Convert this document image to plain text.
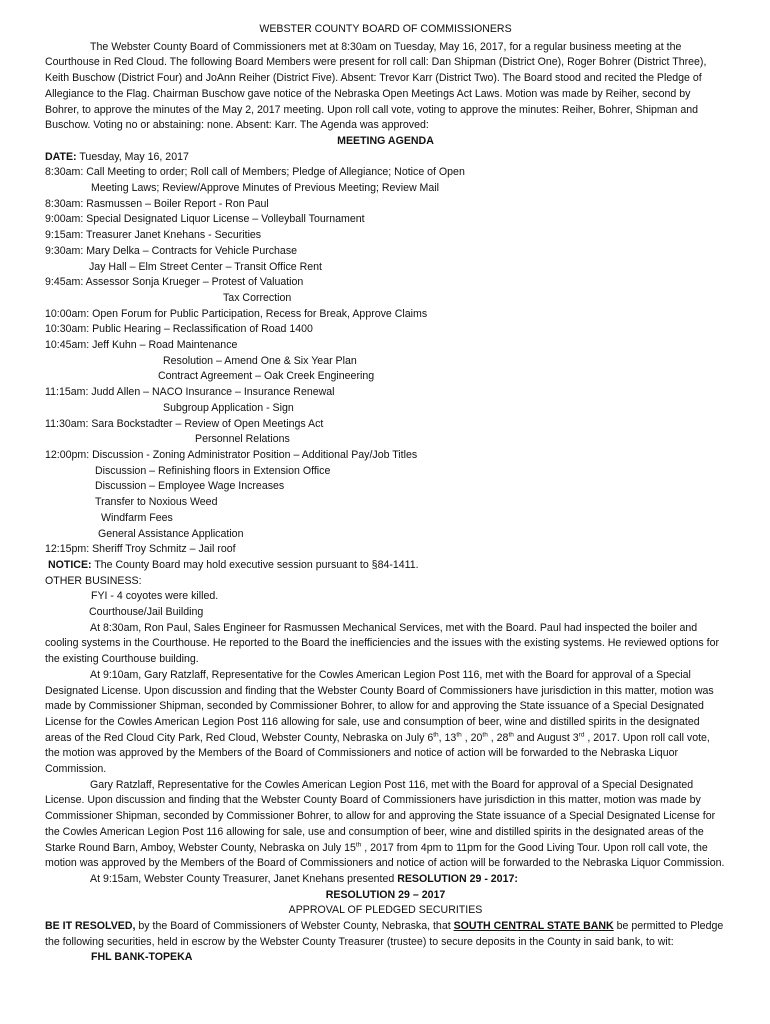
WEBSTER COUNTY BOARD OF COMMISSIONERS

The Webster County Board of Commissioners met at 8:30am on Tuesday, May 16, 2017, for a regular business meeting at the Courthouse in Red Cloud. The following Board Members were present for roll call: Dan Shipman (District One), Roger Bohrer (District Three), Keith Buschow (District Four) and JoAnn Reiher (District Five). Absent: Trevor Karr (District Two). The Board stood and recited the Pledge of Allegiance to the Flag. Chairman Buschow gave notice of the Nebraska Open Meetings Act Laws. Motion was made by Reiher, second by Bohrer, to approve the minutes of the May 2, 2017 meeting. Upon roll call vote, voting to approve the minutes: Reiher, Bohrer, Shipman and Buschow. Voting no or abstaining: none. Absent: Karr. The Agenda was approved:

MEETING AGENDA

DATE: Tuesday, May 16, 2017

8:30am: Call Meeting to order; Roll call of Members; Pledge of Allegiance; Notice of Open

Meeting Laws; Review/Approve Minutes of Previous Meeting; Review Mail

8:30am: Rasmussen – Boiler Report - Ron Paul

9:00am: Special Designated Liquor License – Volleyball Tournament

9:15am: Treasurer Janet Knehans - Securities

9:30am: Mary Delka – Contracts for Vehicle Purchase

Jay Hall – Elm Street Center – Transit Office Rent

9:45am: Assessor Sonja Krueger – Protest of Valuation

Tax Correction

10:00am: Open Forum for Public Participation, Recess for Break, Approve Claims

10:30am: Public Hearing – Reclassification of Road 1400

10:45am: Jeff Kuhn – Road Maintenance

Resolution – Amend One & Six Year Plan

Contract Agreement – Oak Creek Engineering

11:15am: Judd Allen – NACO Insurance – Insurance Renewal

Subgroup Application - Sign

11:30am: Sara Bockstadter – Review of Open Meetings Act

Personnel Relations

12:00pm: Discussion - Zoning Administrator Position – Additional Pay/Job Titles

Discussion – Refinishing floors in Extension Office

Discussion – Employee Wage Increases

Transfer to Noxious Weed

Windfarm Fees

General Assistance Application

12:15pm: Sheriff Troy Schmitz – Jail roof

NOTICE: The County Board may hold executive session pursuant to §84-1411.

OTHER BUSINESS:

FYI - 4 coyotes were killed.

Courthouse/Jail Building

At 8:30am, Ron Paul, Sales Engineer for Rasmussen Mechanical Services, met with the Board. Paul had inspected the boiler and cooling systems in the Courthouse. He reported to the Board the inefficiencies and the issues with the existing systems. He reviewed options for the existing Courthouse building.

At 9:10am, Gary Ratzlaff, Representative for the Cowles American Legion Post 116, met with the Board for approval of a Special Designated License. Upon discussion and finding that the Webster County Board of Commissioners have jurisdiction in this matter, motion was made by Commissioner Shipman, seconded by Commissioner Bohrer, to allow for and approving the State issuance of a Special Designated License for the Cowles American Legion Post 116 allowing for sale, use and consumption of beer, wine and distilled spirits in the designated areas of the Red Cloud City Park, Red Cloud, Webster County, Nebraska on July 6th, 13th , 20th , 28th and August 3rd , 2017. Upon roll call vote, the motion was approved by the Members of the Board of Commissioners and notice of action will be forwarded to the Nebraska Liquor Commission.

Gary Ratzlaff, Representative for the Cowles American Legion Post 116, met with the Board for approval of a Special Designated License. Upon discussion and finding that the Webster County Board of Commissioners have jurisdiction in this matter, motion was made by Commissioner Shipman, seconded by Commissioner Bohrer, to allow for and approving the State issuance of a Special Designated License for the Cowles American Legion Post 116 allowing for sale, use and consumption of beer, wine and distilled spirits in the designated areas of the Starke Round Barn, Amboy, Webster County, Nebraska on July 15th , 2017 from 4pm to 11pm for the Good Living Tour. Upon roll call vote, the motion was approved by the Members of the Board of Commissioners and notice of action will be forwarded to the Nebraska Liquor Commission.

At 9:15am, Webster County Treasurer, Janet Knehans presented RESOLUTION 29 - 2017:

RESOLUTION 29 – 2017

APPROVAL OF PLEDGED SECURITIES

BE IT RESOLVED, by the Board of Commissioners of Webster County, Nebraska, that SOUTH CENTRAL STATE BANK be permitted to Pledge the following securities, held in escrow by the Webster County Treasurer (trustee) to secure deposits in the County in said bank, to wit:

FHL BANK-TOPEKA
